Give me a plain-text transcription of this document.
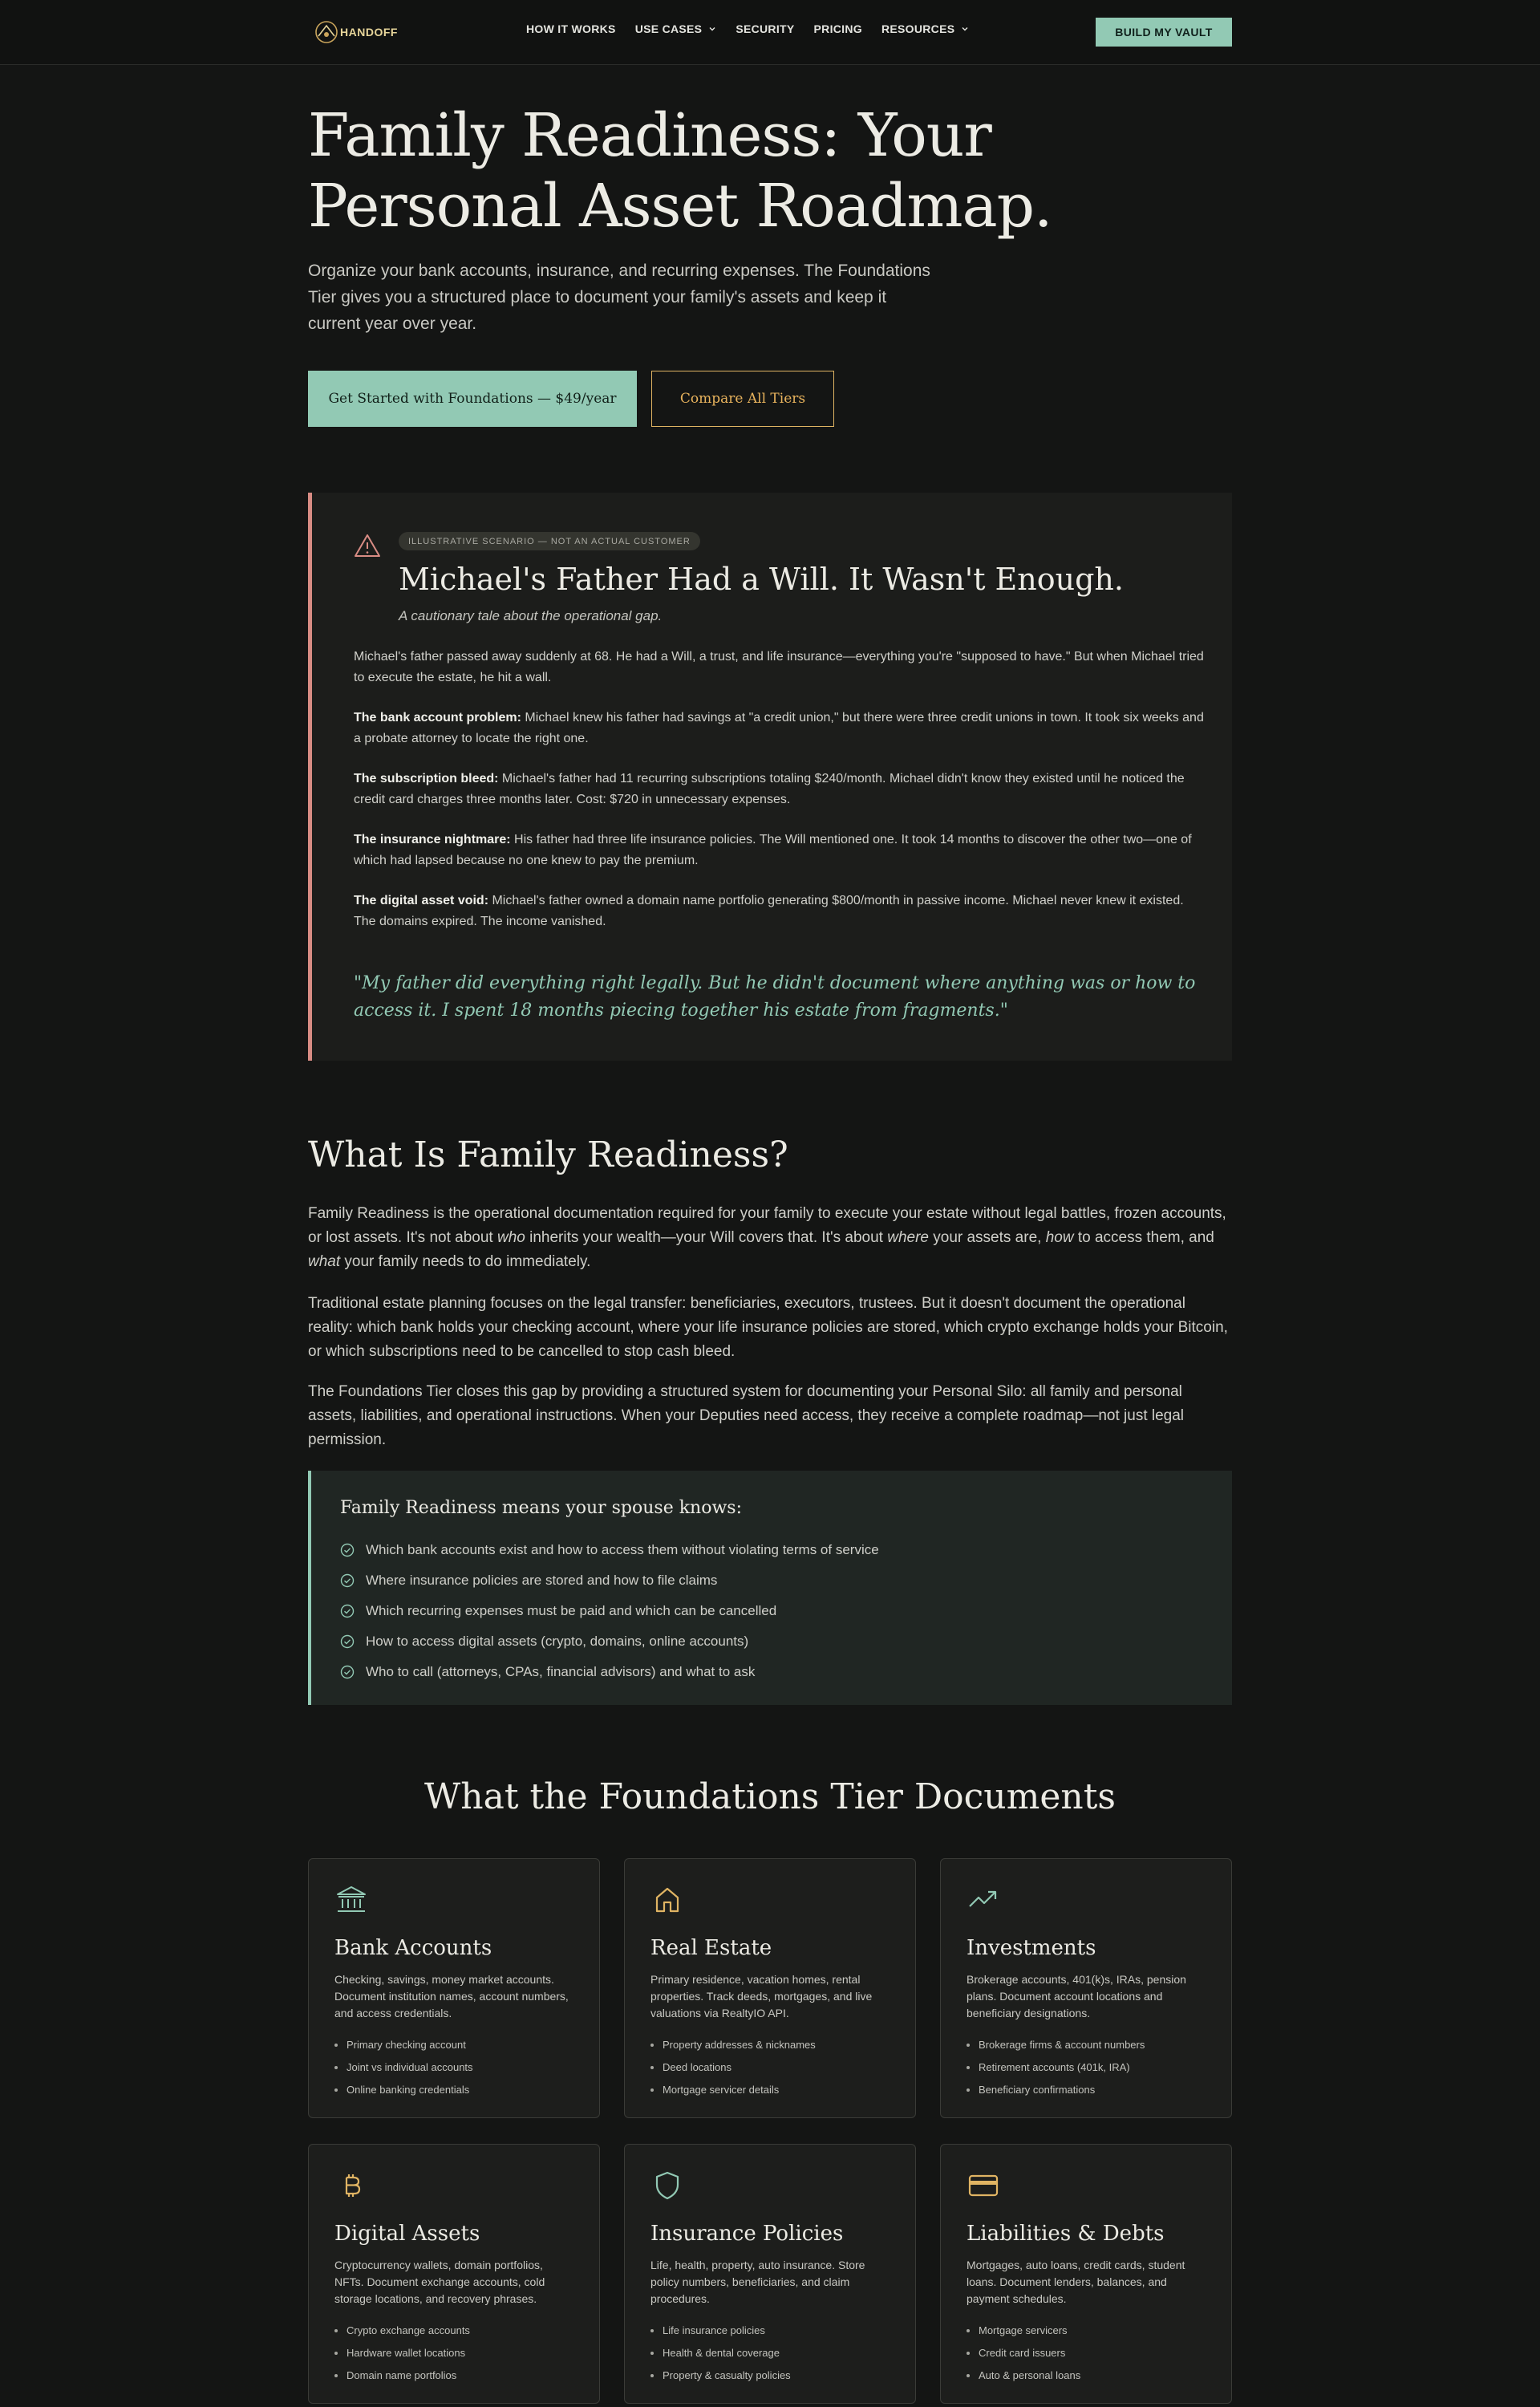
HANDOFF	HOW IT WORKS USE CASES	SECURITY PRICING RESOURCES	BUILD MY VAULT
Family Readiness: Your
Personal Asset Roadmap.
Organize your bank accounts, insurance, and recurring expenses. The Foundations Tier gives you a structured place to document your family's assets and keep it current year over year.
Get Started with Foundations — $49/year	Compare All Tiers
ILLUSTRATIVE SCENARIO — NOT AN ACTUAL CUSTOMER
Michael's Father Had a Will. It Wasn't Enough.
A cautionary tale about the operational gap.

Michael's father passed away suddenly at 68. He had a Will, a trust, and life insurance—everything you're "supposed to have." But when Michael tried to execute the estate, he hit a wall.

The bank account problem: Michael knew his father had savings at "a credit union," but there were three credit unions in town. It took six weeks and a probate attorney to locate the right one.

The subscription bleed: Michael's father had 11 recurring subscriptions totaling $240/month. Michael didn't know they existed until he noticed the credit card charges three months later. Cost: $720 in unnecessary expenses.

The insurance nightmare: His father had three life insurance policies. The Will mentioned one. It took 14 months to discover the other two—one of which had lapsed because no one knew to pay the premium.

The digital asset void: Michael's father owned a domain name portfolio generating $800/month in passive income. Michael never knew it existed. The domains expired. The income vanished.

"My father did everything right legally. But he didn't document where anything was or how to access it. I spent 18 months piecing together his estate from fragments."
What Is Family Readiness?

Family Readiness is the operational documentation required for your family to execute your estate without legal battles, frozen accounts, or lost assets. It's not about who inherits your wealth—your Will covers that. It's about where your assets are, how to access them, and what your family needs to do immediately.

Traditional estate planning focuses on the legal transfer: beneficiaries, executors, trustees. But it doesn't document the operational reality: which bank holds your checking account, where your life insurance policies are stored, which crypto exchange holds your Bitcoin, or which subscriptions need to be cancelled to stop cash bleed.

The Foundations Tier closes this gap by providing a structured system for documenting your Personal Silo: all family and personal assets, liabilities, and operational instructions. When your Deputies need access, they receive a complete roadmap—not just legal permission.

Family Readiness means your spouse knows:
Which bank accounts exist and how to access them without violating terms of service
Where insurance policies are stored and how to file claims
Which recurring expenses must be paid and which can be cancelled
How to access digital assets (crypto, domains, online accounts)
Who to call (attorneys, CPAs, financial advisors) and what to ask
What the Foundations Tier Documents
Bank Accounts
Checking, savings, money market accounts. Document institution names, account numbers, and access credentials.
Primary checking account
Joint vs individual accounts
Online banking credentials
Real Estate
Primary residence, vacation homes, rental properties. Track deeds, mortgages, and live valuations via RealtyIO API.
Property addresses & nicknames
Deed locations
Mortgage servicer details
Investments
Brokerage accounts, 401(k)s, IRAs, pension plans. Document account locations and beneficiary designations.
Brokerage firms & account numbers
Retirement accounts (401k, IRA)
Beneficiary confirmations
Digital Assets
Cryptocurrency wallets, domain portfolios, NFTs. Document exchange accounts, cold storage locations, and recovery phrases.
Crypto exchange accounts
Hardware wallet locations
Domain name portfolios
Insurance Policies
Life, health, property, auto insurance. Store policy numbers, beneficiaries, and claim procedures.
Life insurance policies
Health & dental coverage
Property & casualty policies
Liabilities & Debts
Mortgages, auto loans, credit cards, student loans. Document lenders, balances, and payment schedules.
Mortgage servicers
Credit card issuers
Auto & personal loans
